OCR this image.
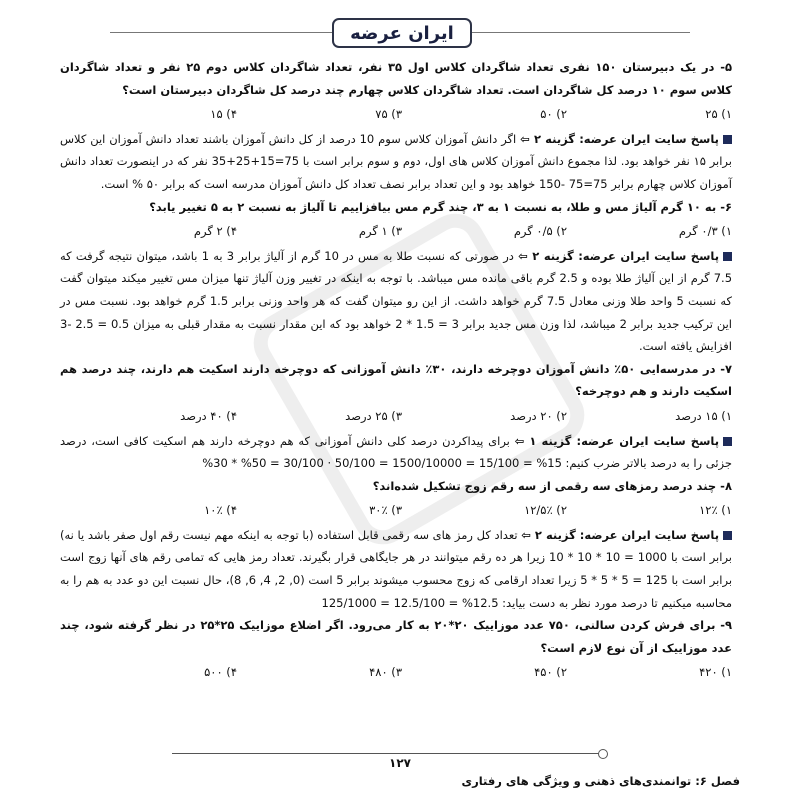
ایران عرضه

۵- در یک دبیرستان ۱۵۰ نفری تعداد شاگردان کلاس اول ۳۵ نفر، تعداد شاگردان کلاس دوم ۲۵ نفر و تعداد شاگردان کلاس سوم ۱۰ درصد کل شاگردان است. تعداد شاگردان کلاس چهارم چند درصد کل شاگردان دبیرستان است؟

۱) ۲۵
۲) ۵۰
۳) ۷۵
۴) ۱۵

پاسخ سایت ایران عرضه: گزینه ۲ ⇦ اگر دانش آموزان کلاس سوم 10 درصد از کل دانش آموزان باشند تعداد دانش آموزان این کلاس برابر ۱۵ نفر خواهد بود. لذا مجموع دانش آموزان کلاس های اول، دوم و سوم برابر است با 75=15+25+35 نفر که در اینصورت تعداد دانش آموزان کلاس چهارم برابر 75=75 -150 خواهد بود و این تعداد برابر نصف تعداد کل دانش آموزان مدرسه است که برابر ۵۰ % است.

۶- به ۱۰ گرم آلیاژ مس و طلا، به نسبت ۱ به ۳، چند گرم مس بیافزاییم تا آلیاژ به نسبت ۲ به ۵ تغییر یابد؟

۱) ۰/۳ گرم
۲) ۰/۵ گرم
۳) ۱ گرم
۴) ۲ گرم

پاسخ سایت ایران عرضه: گزینه ۲ ⇦ در صورتی که نسبت طلا به مس در 10 گرم از آلیاژ برابر 3 به 1 باشد، میتوان نتیجه گرفت که 7.5 گرم از این آلیاژ طلا بوده و 2.5 گرم باقی مانده مس میباشد. با توجه به اینکه در تغییر وزن آلیاژ تنها میزان مس تغییر میکند میتوان گفت که نسبت 5 واحد طلا وزنی معادل 7.5 گرم خواهد داشت. از این رو میتوان گفت که هر واحد وزنی برابر 1.5 گرم خواهد بود. نسبت مس در این ترکیب جدید برابر 2 میباشد، لذا وزن مس جدید برابر 3 = 1.5 * 2 خواهد بود که این مقدار نسبت به مقدار قبلی به میزان 0.5 = 2.5 -3 افزایش یافته است.

۷- در مدرسه‌ایی ۵۰٪ دانش آموزان دوچرخه دارند، ۳۰٪ دانش آموزانی که دوچرخه دارند اسکیت هم دارند، چند درصد هم اسکیت دارند و هم دوچرخه؟

۱) ۱۵ درصد
۲) ۲۰ درصد
۳) ۲۵ درصد
۴) ۴۰ درصد

پاسخ سایت ایران عرضه: گزینه ۱ ⇦ برای پیداکردن درصد کلی دانش آموزانی که هم دوچرخه دارند هم اسکیت کافی است، درصد جزئی را به درصد بالاتر ضرب کنیم: 15% = 15/100 = 1500/10000 = 50/100 · 30/100 = 50% * 30%

۸- چند درصد رمزهای سه رقمی از سه رقم زوج تشکیل شده‌اند؟

۱) ۱۲٪
۲) ۱۲/۵٪
۳) ۳۰٪
۴) ۱۰٪

پاسخ سایت ایران عرضه: گزینه ۲ ⇦ تعداد کل رمز های سه رقمی قابل استفاده (با توجه به اینکه مهم نیست رقم اول صفر باشد یا نه) برابر است با 1000 = 10 * 10 * 10 زیرا هر ده رقم میتوانند در هر جایگاهی قرار بگیرند. تعداد رمز هایی که تمامی رقم های آنها زوج است برابر است با 125 = 5 * 5 * 5 زیرا تعداد ارقامی که زوج محسوب میشوند برابر 5 است (0, 2, 4, 6, 8)، حال نسبت این دو عدد به هم را به محاسبه میکنیم تا درصد مورد نظر به دست بیاید: 12.5% = 12.5/100 = 125/1000

۹- برای فرش کردن سالنی، ۷۵۰ عدد موزاییک ۲۰*۲۰ به کار می‌رود. اگر اضلاع موزاییک ۲۵*۲۵ در نظر گرفته شود، چند عدد موزاییک از آن نوع لازم است؟

۱) ۴۲۰
۲) ۴۵۰
۳) ۴۸۰
۴) ۵۰۰
۱۲۷
فصل ۶: توانمندی‌های ذهنی و ویژگی های رفتاری
